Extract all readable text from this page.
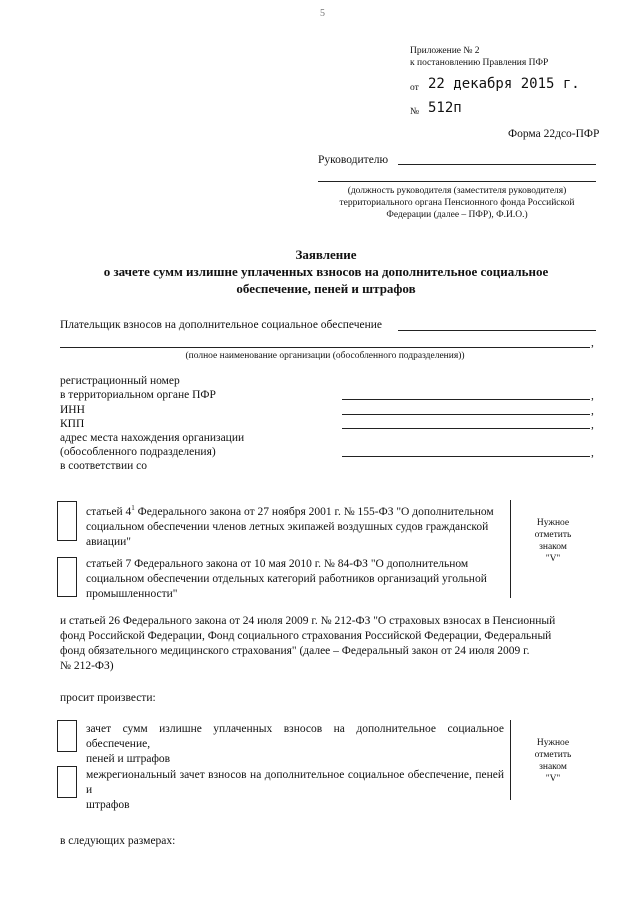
5
Приложение № 2
к постановлению Правления ПФР
от 22 декабря 2015 г.
№ 512п
Форма 22дсо-ПФР
Руководителю
(должность руководителя (заместителя руководителя)
территориального органа Пенсионного фонда Российской
Федерации (далее – ПФР), Ф.И.О.)
Заявление
о зачете сумм излишне уплаченных взносов на дополнительное социальное
обеспечение, пеней и штрафов
Плательщик взносов на дополнительное социальное обеспечение
,
(полное наименование организации (обособленного подразделения))
регистрационный номер
в территориальном органе ПФР	,
ИНН	,
КПП	,
адрес места нахождения организации
(обособленного подразделения)	,
в соответствии со
статьей $4^1$ Федерального закона от 27 ноября 2001 г. № 155-ФЗ "О дополнительном
социальном обеспечении членов летных экипажей воздушных судов гражданской
авиации"
статьей 7 Федерального закона от 10 мая 2010 г. № 84-ФЗ "О дополнительном
социальном обеспечении отдельных категорий работников организаций угольной
промышленности"
Нужное
отметить
знаком
"V"
и статьей 26 Федерального закона от 24 июля 2009 г. № 212-ФЗ "О страховых взносах в Пенсионный
фонд Российской Федерации, Фонд социального страхования Российской Федерации, Федеральный
фонд обязательного медицинского страхования" (далее – Федеральный закон от 24 июля 2009 г.
№ 212-ФЗ)
просит произвести:
зачет сумм излишне уплаченных взносов на дополнительное социальное обеспечение,
пеней и штрафов
межрегиональный зачет взносов на дополнительное социальное обеспечение, пеней и
штрафов
Нужное
отметить
знаком
"V"
в следующих размерах:
